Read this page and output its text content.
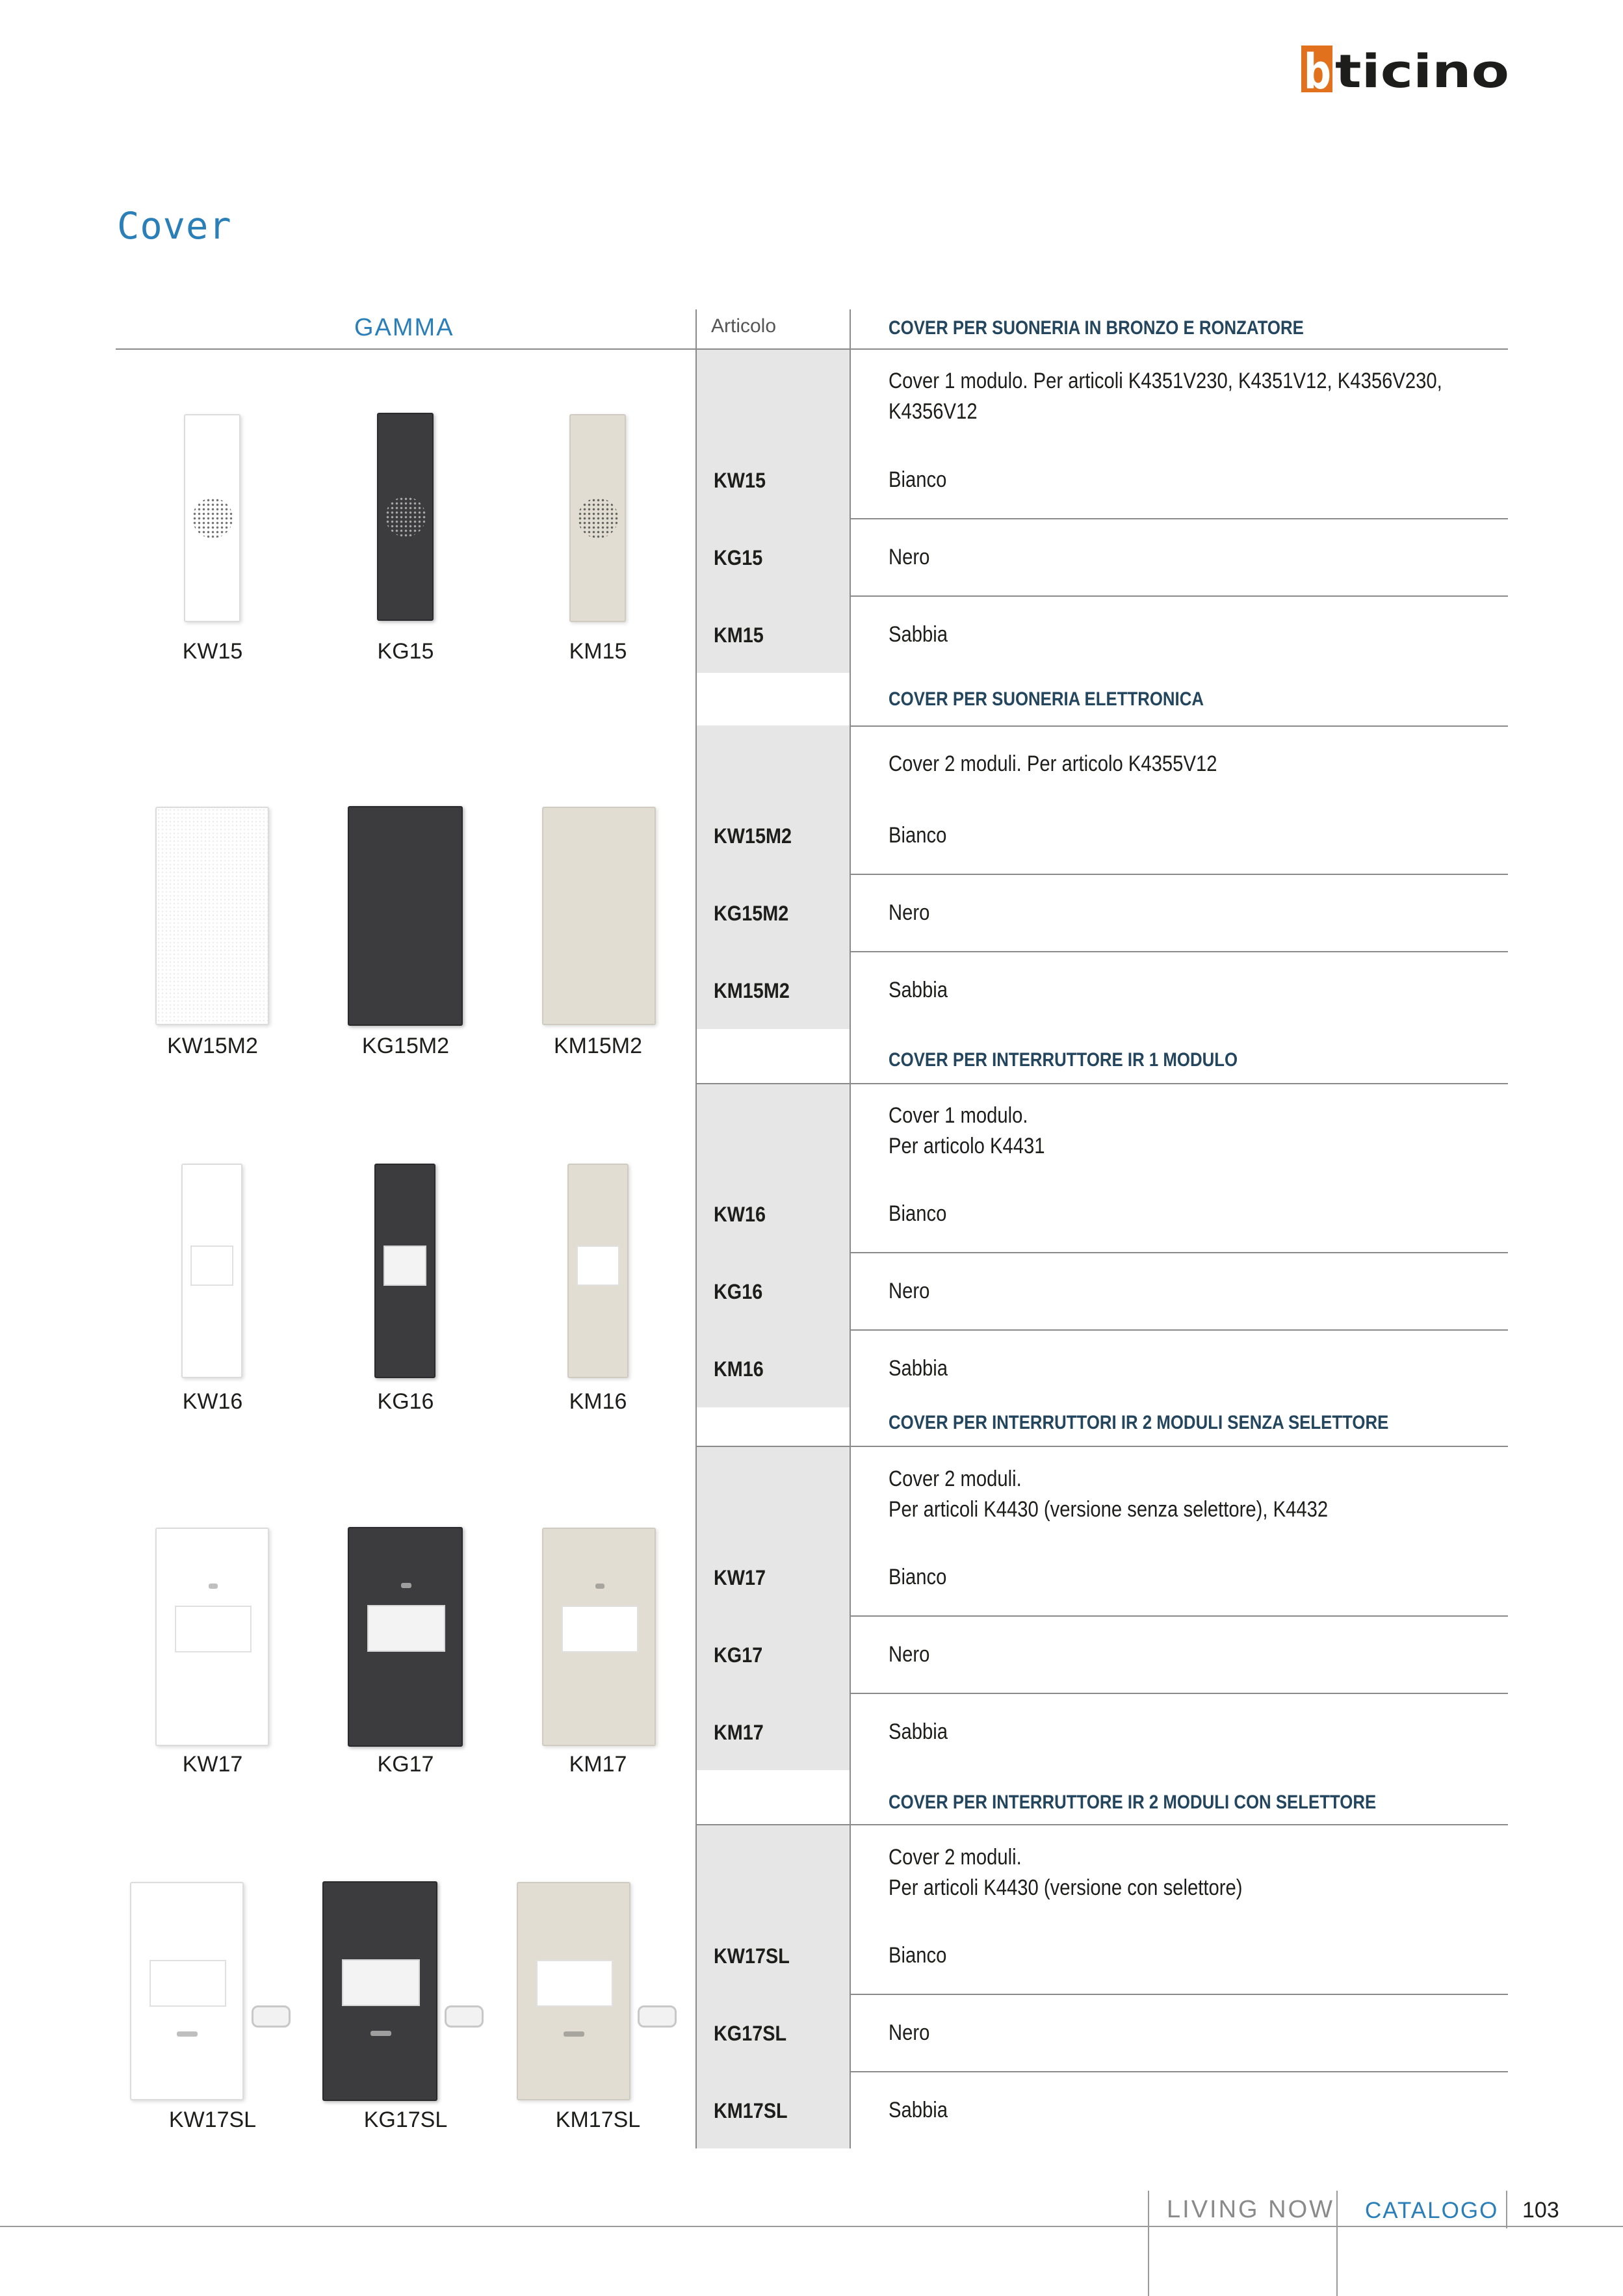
b ticino
Cover
GAMMA	Articolo	COVER PER SUONERIA IN BRONZO E RONZATORE
Cover 1 modulo. Per articoli K4351V230, K4351V12, K4356V230,
K4356V12
KW15	Bianco
KG15	Nero
KM15	Sabbia
COVER PER SUONERIA ELETTRONICA
Cover 2 moduli. Per articolo K4355V12
KW15M2	Bianco
KG15M2	Nero
KM15M2	Sabbia
COVER PER INTERRUTTORE IR 1 MODULO
Cover 1 modulo.
Per articolo K4431
KW16	Bianco
KG16	Nero
KM16	Sabbia
COVER PER INTERRUTTORI IR 2 MODULI SENZA SELETTORE
Cover 2 moduli.
Per articoli K4430 (versione senza selettore), K4432
KW17	Bianco
KG17	Nero
KM17	Sabbia
COVER PER INTERRUTTORE IR 2 MODULI CON SELETTORE
Cover 2 moduli.
Per articoli K4430 (versione con selettore)
KW17SL	Bianco
KG17SL	Nero
KM17SL	Sabbia
KW15	KG15	KM15
KW15M2	KG15M2	KM15M2
KW16	KG16	KM16
KW17	KG17	KM17
KW17SL	KG17SL	KM17SL
LIVING NOW CATALOGO 103
